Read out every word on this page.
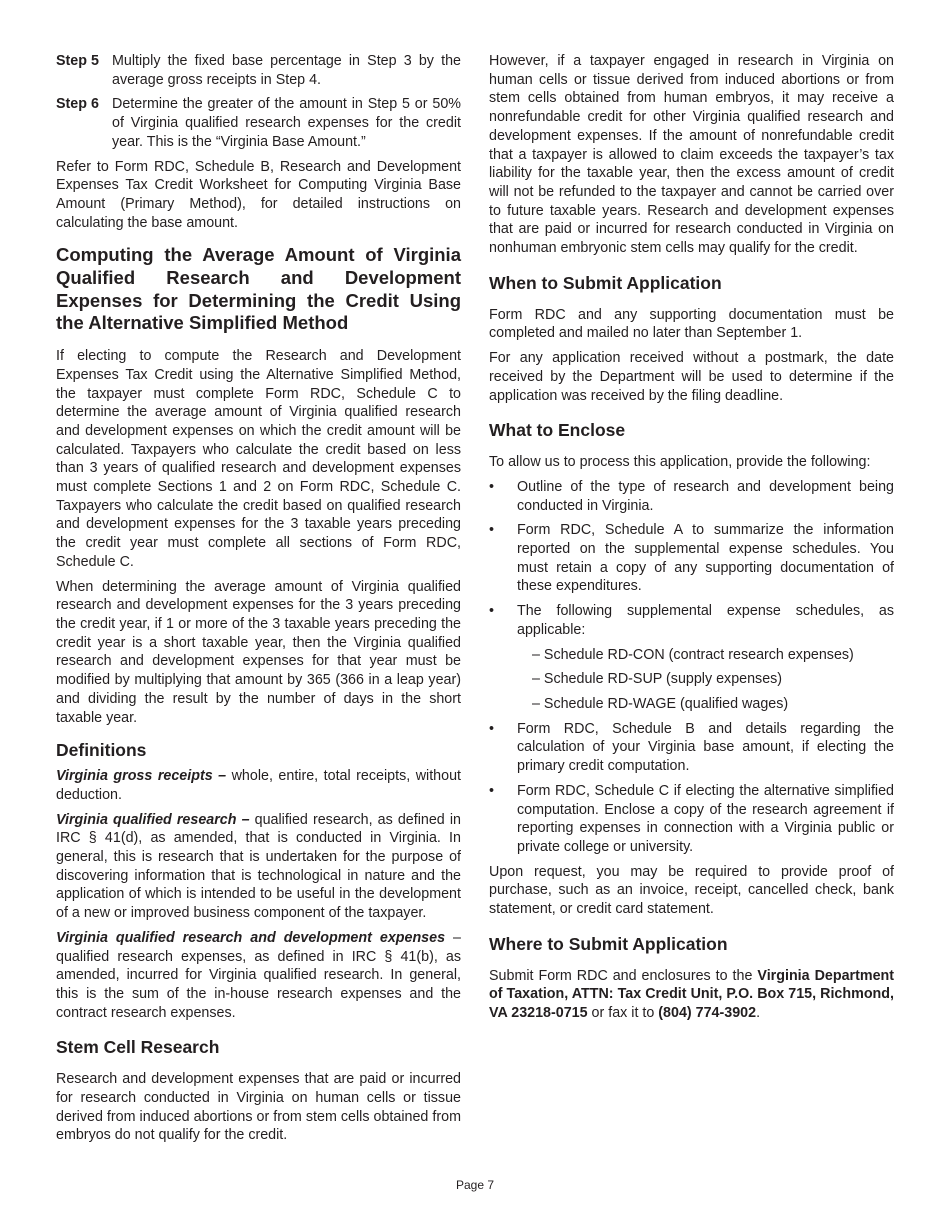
Step 5 Multiply the fixed base percentage in Step 3 by the average gross receipts in Step 4.
Step 6 Determine the greater of the amount in Step 5 or 50% of Virginia qualified research expenses for the credit year. This is the “Virginia Base Amount.”

Refer to Form RDC, Schedule B, Research and Development Expenses Tax Credit Worksheet for Computing Virginia Base Amount (Primary Method), for detailed instructions on calculating the base amount.

Computing the Average Amount of Virginia Qualified Research and Development Expenses for Determining the Credit Using the Alternative Simplified Method

If electing to compute the Research and Development Expenses Tax Credit using the Alternative Simplified Method, the taxpayer must complete Form RDC, Schedule C to determine the average amount of Virginia qualified research and development expenses on which the credit amount will be calculated. Taxpayers who calculate the credit based on less than 3 years of qualified research and development expenses must complete Sections 1 and 2 on Form RDC, Schedule C. Taxpayers who calculate the credit based on qualified research and development expenses for the 3 taxable years preceding the credit year must complete all sections of Form RDC, Schedule C.

When determining the average amount of Virginia qualified research and development expenses for the 3 years preceding the credit year, if 1 or more of the 3 taxable years preceding the credit year is a short taxable year, then the Virginia qualified research and development expenses for that year must be modified by multiplying that amount by 365 (366 in a leap year) and dividing the result by the number of days in the short taxable year.

Definitions

Virginia gross receipts – whole, entire, total receipts, without deduction.

Virginia qualified research – qualified research, as defined in IRC § 41(d), as amended, that is conducted in Virginia. In general, this is research that is undertaken for the purpose of discovering information that is technological in nature and the application of which is intended to be useful in the development of a new or improved business component of the taxpayer.

Virginia qualified research and development expenses – qualified research expenses, as defined in IRC § 41(b), as amended, incurred for Virginia qualified research. In general, this is the sum of the in-house research expenses and the contract research expenses.

Stem Cell Research

Research and development expenses that are paid or incurred for research conducted in Virginia on human cells or tissue derived from induced abortions or from stem cells obtained from embryos do not qualify for the credit.

However, if a taxpayer engaged in research in Virginia on human cells or tissue derived from induced abortions or from stem cells obtained from human embryos, it may receive a nonrefundable credit for other Virginia qualified research and development expenses. If the amount of nonrefundable credit that a taxpayer is allowed to claim exceeds the taxpayer’s tax liability for the taxable year, then the excess amount of credit will not be refunded to the taxpayer and cannot be carried over to future taxable years. Research and development expenses that are paid or incurred for research conducted in Virginia on nonhuman embryonic stem cells may qualify for the credit.

When to Submit Application

Form RDC and any supporting documentation must be completed and mailed no later than September 1.

For any application received without a postmark, the date received by the Department will be used to determine if the application was received by the filing deadline.

What to Enclose

To allow us to process this application, provide the following:

•	Outline of the type of research and development being conducted in Virginia.
•	Form RDC, Schedule A to summarize the information reported on the supplemental expense schedules. You must retain a copy of any supporting documentation of these expenditures.
•	The following supplemental expense schedules, as applicable:
– Schedule RD-CON (contract research expenses)
– Schedule RD-SUP (supply expenses)
– Schedule RD-WAGE (qualified wages)
•	Form RDC, Schedule B and details regarding the calculation of your Virginia base amount, if electing the primary credit computation.
•	Form RDC, Schedule C if electing the alternative simplified computation. Enclose a copy of the research agreement if reporting expenses in connection with a Virginia public or private college or university.

Upon request, you may be required to provide proof of purchase, such as an invoice, receipt, cancelled check, bank statement, or credit card statement.

Where to Submit Application

Submit Form RDC and enclosures to the Virginia Department of Taxation, ATTN: Tax Credit Unit, P.O. Box 715, Richmond, VA 23218-0715 or fax it to (804) 774-3902.

Page 7
